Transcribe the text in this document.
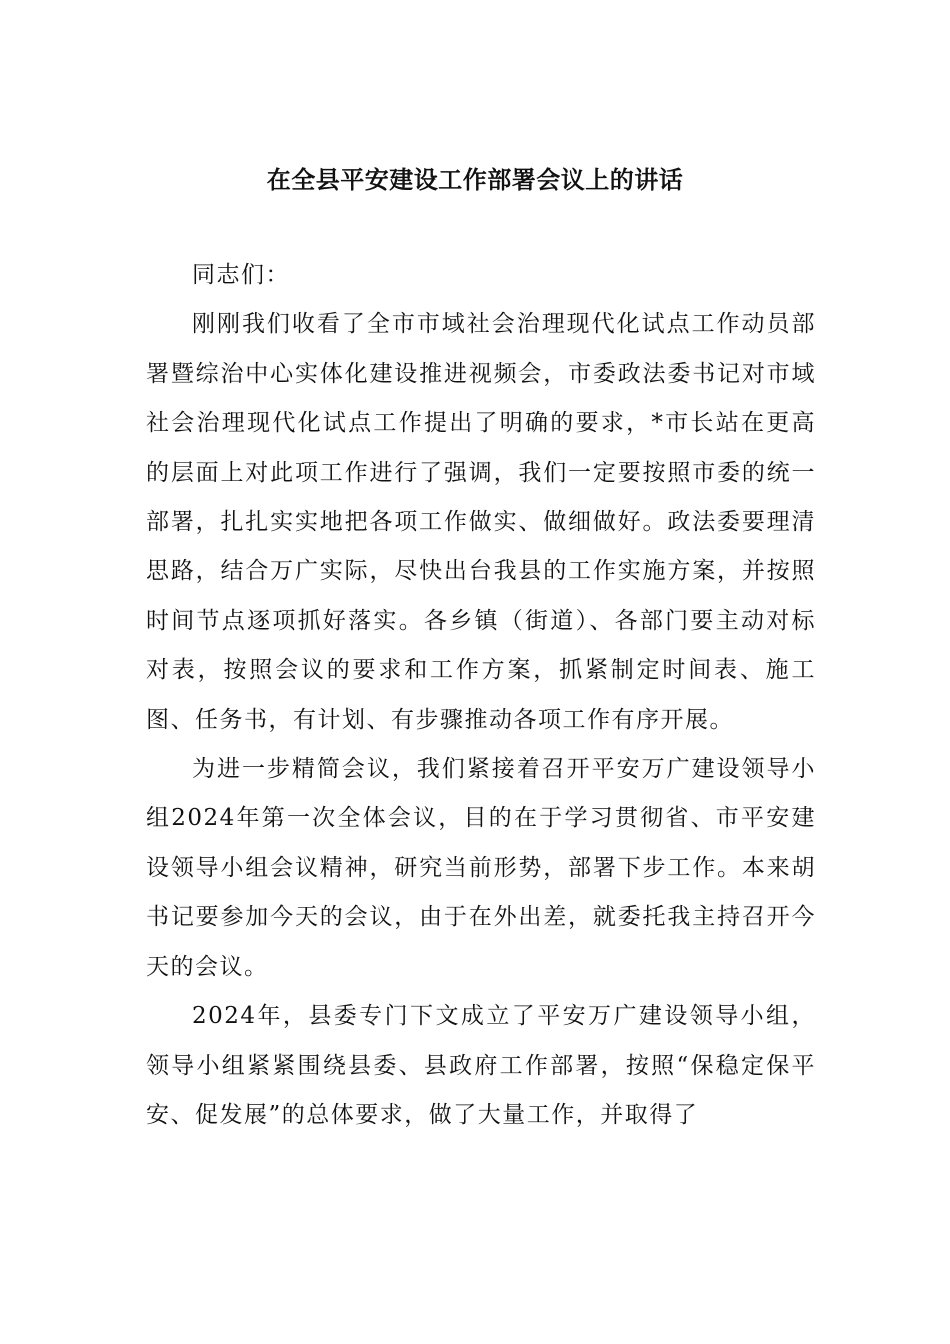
在全县平安建设工作部署会议上的讲话

同志们：

刚刚我们收看了全市市域社会治理现代化试点工作动员部署暨综治中心实体化建设推进视频会，市委政法委书记对市域社会治理现代化试点工作提出了明确的要求，*市长站在更高的层面上对此项工作进行了强调，我们一定要按照市委的统一部署，扎扎实实地把各项工作做实、做细做好。政法委要理清思路，结合万广实际，尽快出台我县的工作实施方案，并按照时间节点逐项抓好落实。各乡镇（街道）、各部门要主动对标对表，按照会议的要求和工作方案，抓紧制定时间表、施工图、任务书，有计划、有步骤推动各项工作有序开展。

为进一步精简会议，我们紧接着召开平安万广建设领导小组2024年第一次全体会议，目的在于学习贯彻省、市平安建设领导小组会议精神，研究当前形势，部署下步工作。本来胡书记要参加今天的会议，由于在外出差，就委托我主持召开今天的会议。

2024年，县委专门下文成立了平安万广建设领导小组，领导小组紧紧围绕县委、县政府工作部署，按照“保稳定保平安、促发展”的总体要求，做了大量工作，并取得了
